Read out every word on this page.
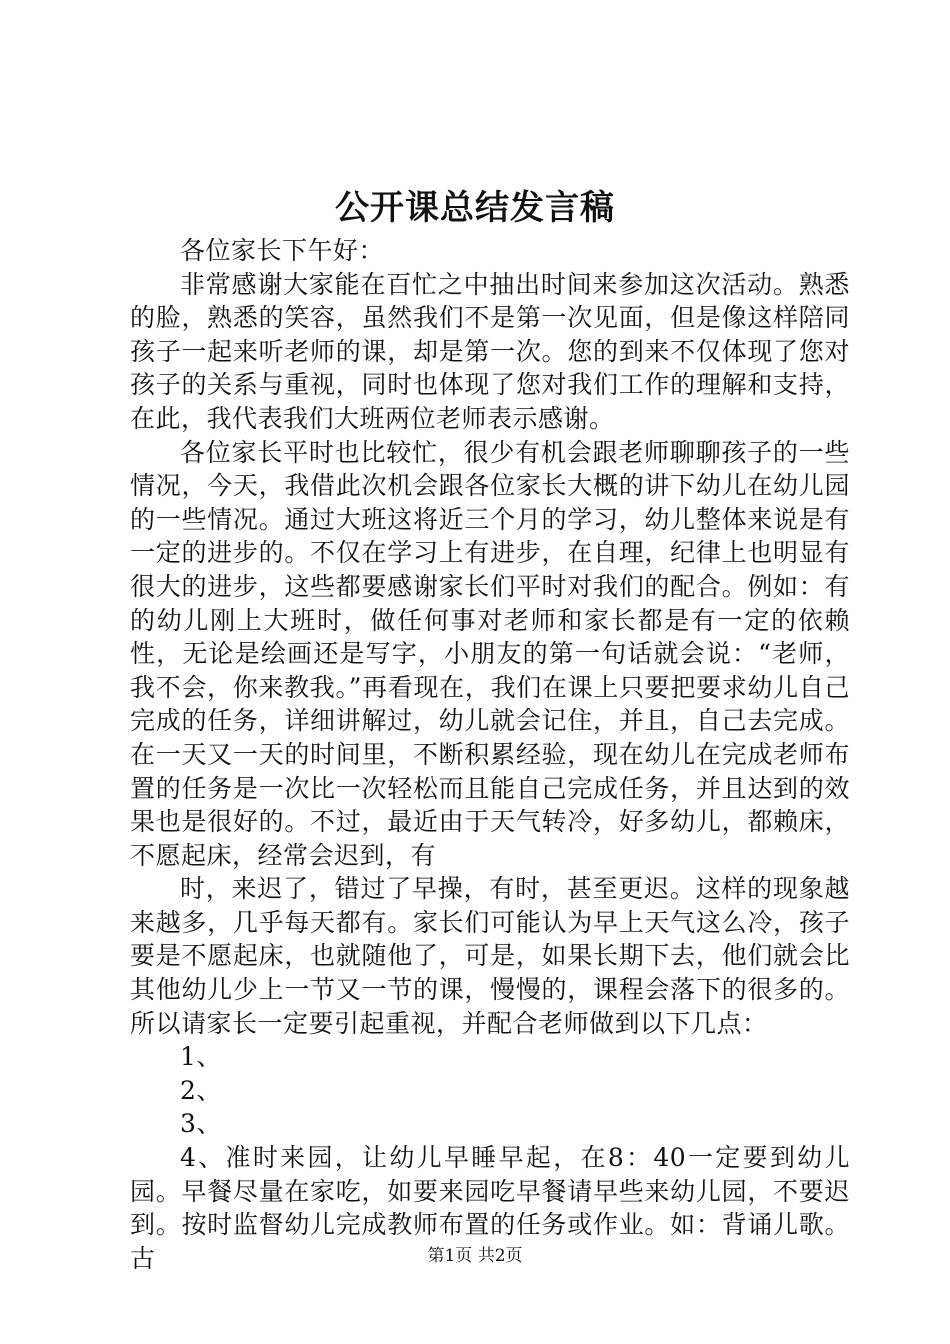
公开课总结发言稿

各位家长下午好：

非常感谢大家能在百忙之中抽出时间来参加这次活动。熟悉的脸，熟悉的笑容，虽然我们不是第一次见面，但是像这样陪同孩子一起来听老师的课，却是第一次。您的到来不仅体现了您对孩子的关系与重视，同时也体现了您对我们工作的理解和支持，在此，我代表我们大班两位老师表示感谢。

各位家长平时也比较忙，很少有机会跟老师聊聊孩子的一些情况，今天，我借此次机会跟各位家长大概的讲下幼儿在幼儿园的一些情况。通过大班这将近三个月的学习，幼儿整体来说是有一定的进步的。不仅在学习上有进步，在自理，纪律上也明显有很大的进步，这些都要感谢家长们平时对我们的配合。例如：有的幼儿刚上大班时，做任何事对老师和家长都是有一定的依赖性，无论是绘画还是写字，小朋友的第一句话就会说：“老师，我不会，你来教我。”再看现在，我们在课上只要把要求幼儿自己完成的任务，详细讲解过，幼儿就会记住，并且，自己去完成。在一天又一天的时间里，不断积累经验，现在幼儿在完成老师布置的任务是一次比一次轻松而且能自己完成任务，并且达到的效果也是很好的。不过，最近由于天气转冷，好多幼儿，都赖床，不愿起床，经常会迟到，有

时，来迟了，错过了早操，有时，甚至更迟。这样的现象越来越多，几乎每天都有。家长们可能认为早上天气这么冷，孩子要是不愿起床，也就随他了，可是，如果长期下去，他们就会比其他幼儿少上一节又一节的课，慢慢的，课程会落下的很多的。所以请家长一定要引起重视，并配合老师做到以下几点：

1、

2、

3、

4、准时来园，让幼儿早睡早起，在8：40一定要到幼儿园。早餐尽量在家吃，如要来园吃早餐请早些来幼儿园，不要迟到。按时监督幼儿完成教师布置的任务或作业。如：背诵儿歌。古	第1页 共2页
